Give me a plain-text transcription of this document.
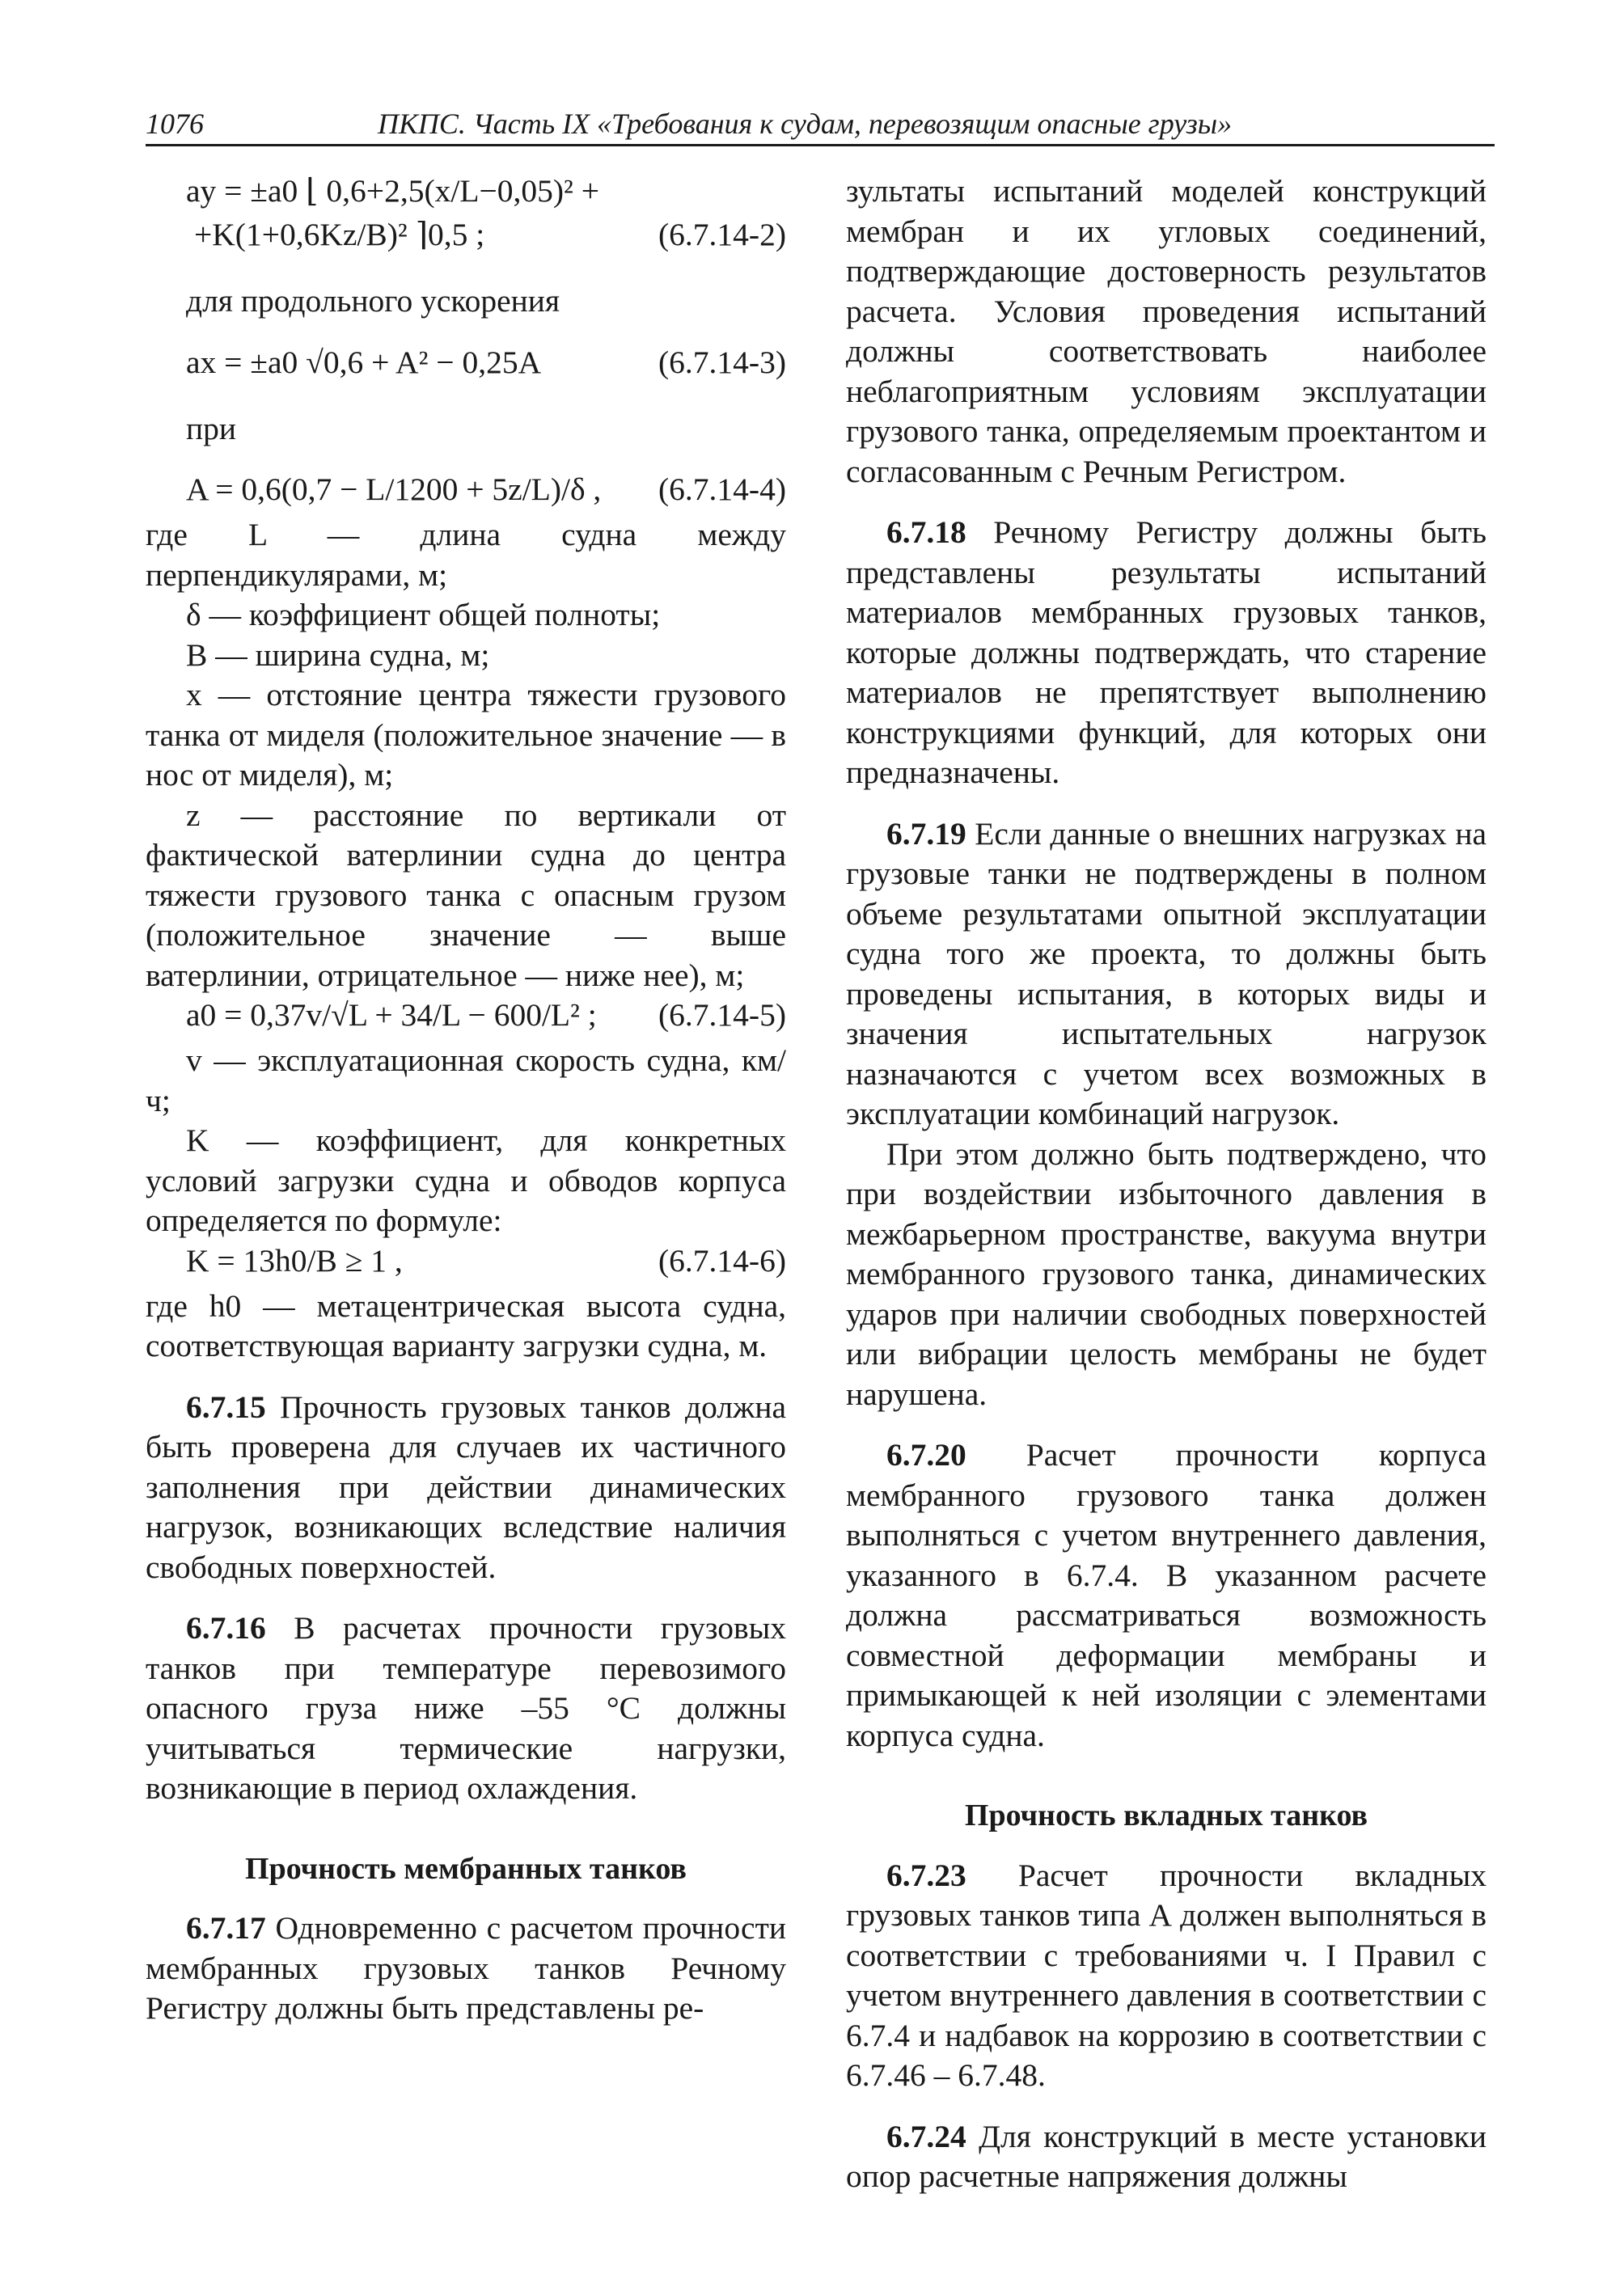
1076	ПКПС. Часть IX «Требования к судам, перевозящим опасные грузы»
ay = ±a0 ⌊ 0,6+2,5(x/L−0,05)² +
+K(1+0,6Kz/B)² ⌉0,5 ;	(6.7.14-2)

для продольного ускорения

ax = ±a0 √0,6 + A² − 0,25A	(6.7.14-3)

при

A = 0,6(0,7 − L/1200 + 5z/L)/δ , (6.7.14-4)

где L — длина судна между перпендикулярами, м;

δ — коэффициент общей полноты;

B — ширина судна, м;

x — отстояние центра тяжести грузового танка от миделя (положительное значение — в нос от миделя), м;

z — расстояние по вертикали от фактической ватерлинии судна до центра тяжести грузового танка с опасным грузом (положительное значение — выше ватерлинии, отрицательное — ниже нее), м;

a0 = 0,37v/√L + 34/L − 600/L² ; (6.7.14-5)

v — эксплуатационная скорость судна, км/ч;

K — коэффициент, для конкретных условий загрузки судна и обводов корпуса определяется по формуле:

K = 13h0/B ≥ 1 ,	(6.7.14-6)

где h0 — метацентрическая высота судна, соответствующая варианту загрузки судна, м.

6.7.15 Прочность грузовых танков должна быть проверена для случаев их частичного заполнения при действии динамических нагрузок, возникающих вследствие наличия свободных поверхностей.

6.7.16 В расчетах прочности грузовых танков при температуре перевозимого опасного груза ниже –55 °С должны учитываться термические нагрузки, возникающие в период охлаждения.

Прочность мембранных танков

6.7.17 Одновременно с расчетом прочности мембранных грузовых танков Речному Регистру должны быть представлены ре-

зультаты испытаний моделей конструкций мембран и их угловых соединений, подтверждающие достоверность результатов расчета. Условия проведения испытаний должны соответствовать наиболее неблагоприятным условиям эксплуатации грузового танка, определяемым проектантом и согласованным с Речным Регистром.

6.7.18 Речному Регистру должны быть представлены результаты испытаний материалов мембранных грузовых танков, которые должны подтверждать, что старение материалов не препятствует выполнению конструкциями функций, для которых они предназначены.

6.7.19 Если данные о внешних нагрузках на грузовые танки не подтверждены в полном объеме результатами опытной эксплуатации судна того же проекта, то должны быть проведены испытания, в которых виды и значения испытательных нагрузок назначаются с учетом всех возможных в эксплуатации комбинаций нагрузок.

При этом должно быть подтверждено, что при воздействии избыточного давления в межбарьерном пространстве, вакуума внутри мембранного грузового танка, динамических ударов при наличии свободных поверхностей или вибрации целость мембраны не будет нарушена.

6.7.20 Расчет прочности корпуса мембранного грузового танка должен выполняться с учетом внутреннего давления, указанного в 6.7.4. В указанном расчете должна рассматриваться возможность совместной деформации мембраны и примыкающей к ней изоляции с элементами корпуса судна.

Прочность вкладных танков

6.7.23 Расчет прочности вкладных грузовых танков типа А должен выполняться в соответствии с требованиями ч. I Правил с учетом внутреннего давления в соответствии с 6.7.4 и надбавок на коррозию в соответствии с 6.7.46 – 6.7.48.

6.7.24 Для конструкций в месте установки опор расчетные напряжения должны
